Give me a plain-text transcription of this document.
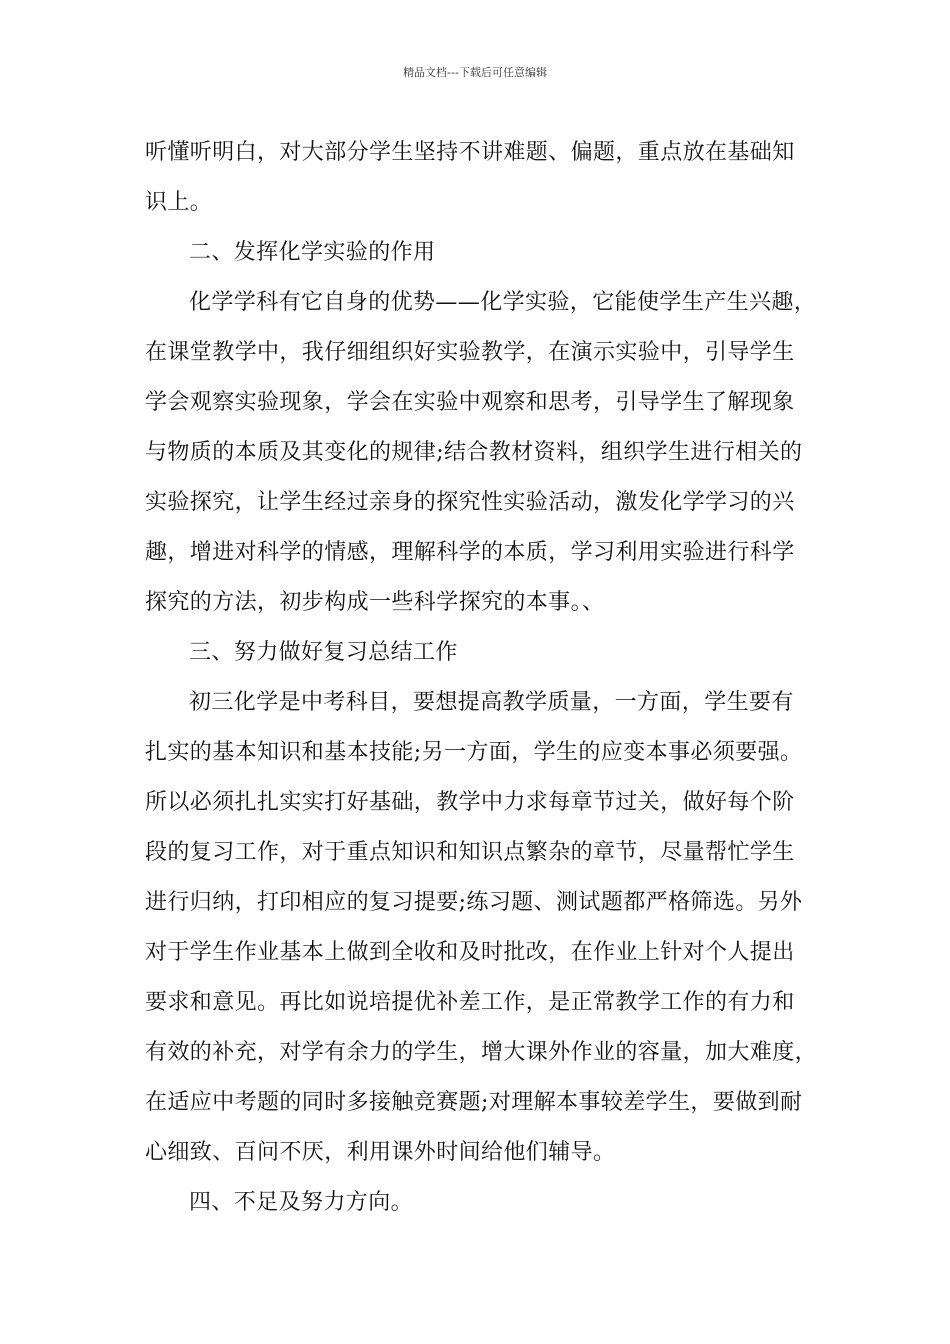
精品文档---下载后可任意编辑
听懂听明白，对大部分学生坚持不讲难题、偏题，重点放在基础知
识上。
二、发挥化学实验的作用
化学学科有它自身的优势——化学实验，它能使学生产生兴趣，
在课堂教学中，我仔细组织好实验教学，在演示实验中，引导学生
学会观察实验现象，学会在实验中观察和思考，引导学生了解现象
与物质的本质及其变化的规律;结合教材资料，组织学生进行相关的
实验探究，让学生经过亲身的探究性实验活动，激发化学学习的兴
趣，增进对科学的情感，理解科学的本质，学习利用实验进行科学
探究的方法，初步构成一些科学探究的本事。、
三、努力做好复习总结工作
初三化学是中考科目，要想提高教学质量，一方面，学生要有
扎实的基本知识和基本技能;另一方面，学生的应变本事必须要强。
所以必须扎扎实实打好基础，教学中力求每章节过关，做好每个阶
段的复习工作，对于重点知识和知识点繁杂的章节，尽量帮忙学生
进行归纳，打印相应的复习提要;练习题、测试题都严格筛选。另外
对于学生作业基本上做到全收和及时批改，在作业上针对个人提出
要求和意见。再比如说培提优补差工作，是正常教学工作的有力和
有效的补充，对学有余力的学生，增大课外作业的容量，加大难度，
在适应中考题的同时多接触竞赛题;对理解本事较差学生，要做到耐
心细致、百问不厌，利用课外时间给他们辅导。
四、不足及努力方向。
